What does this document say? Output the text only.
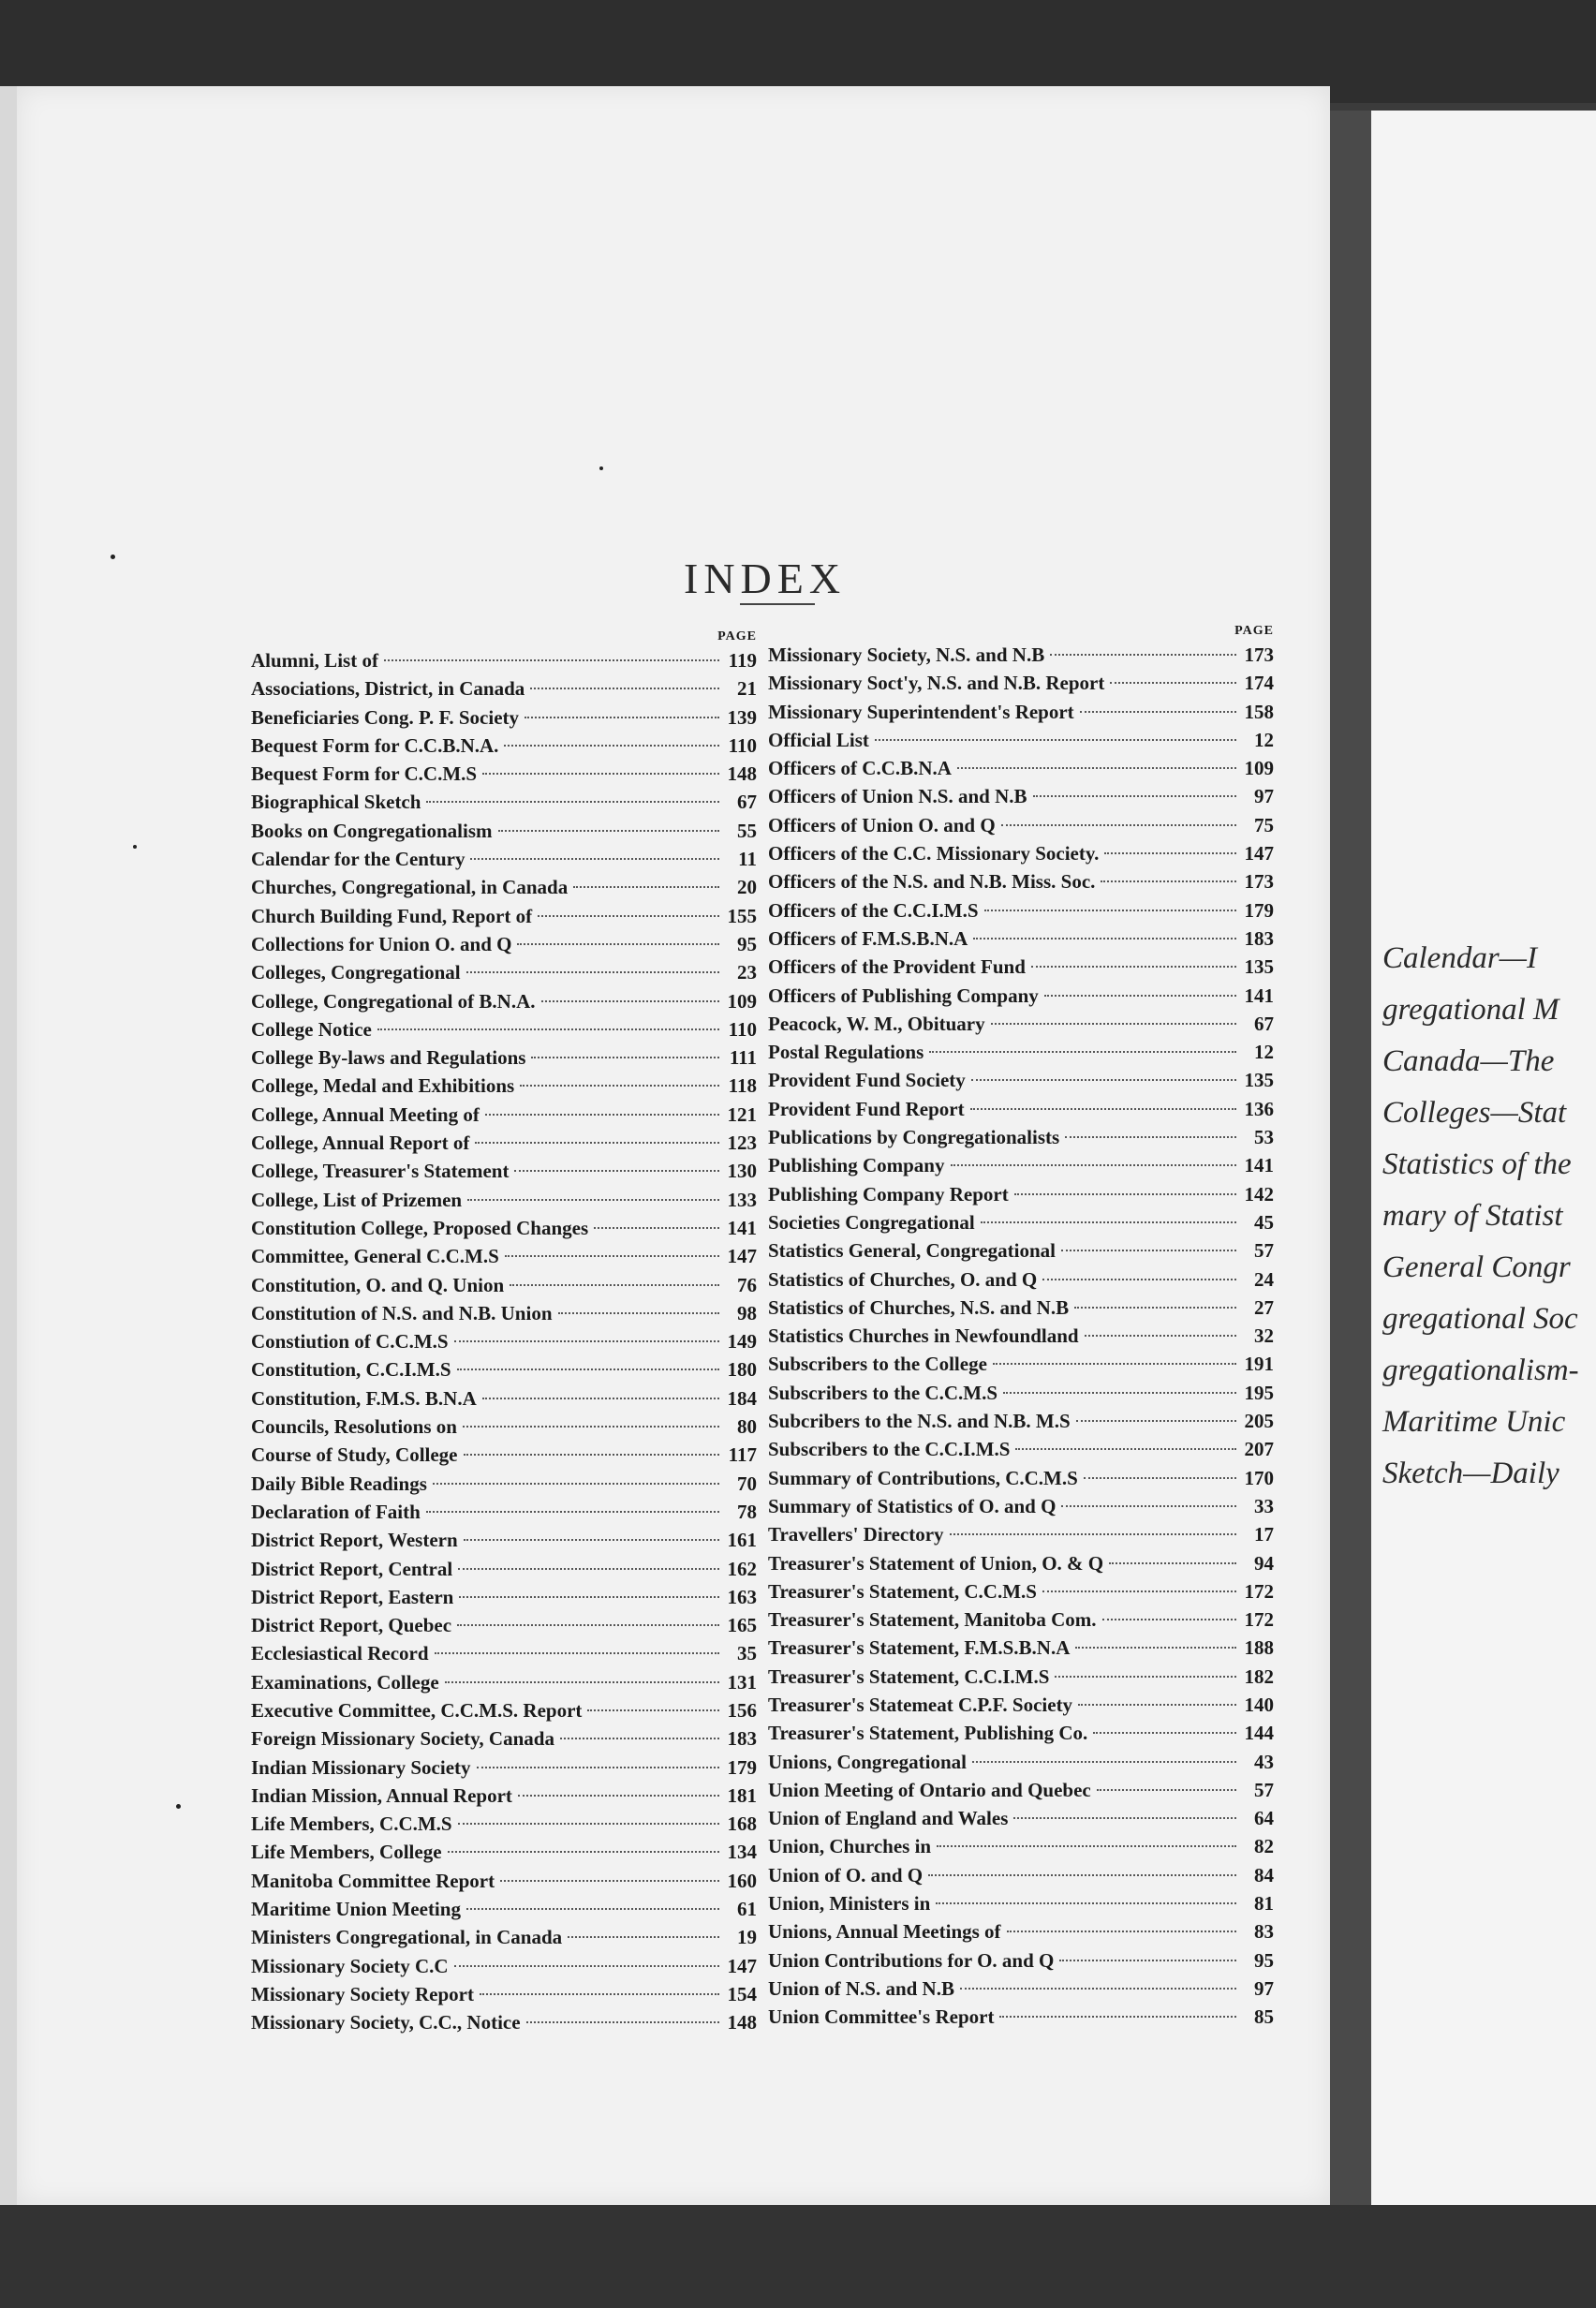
Calendar—I
gregational M
Canada—The
Colleges—Stat
Statistics of the
mary of Statist
General Congr
gregational Soc
gregationalism-
Maritime Unic
Sketch—Daily
INDEX
PAGE
Alumni, List of	119
Associations, District, in Canada	21
Beneficiaries Cong. P. F. Society	139
Bequest Form for C.C.B.N.A.	110
Bequest Form for C.C.M.S	148
Biographical Sketch	67
Books on Congregationalism	55
Calendar for the Century	11
Churches, Congregational, in Canada	20
Church Building Fund, Report of	155
Collections for Union O. and Q	95
Colleges, Congregational	23
College, Congregational of B.N.A.	109
College Notice	110
College By-laws and Regulations	111
College, Medal and Exhibitions	118
College, Annual Meeting of	121
College, Annual Report of	123
College, Treasurer's Statement	130
College, List of Prizemen	133
Constitution College, Proposed Changes	141
Committee, General C.C.M.S	147
Constitution, O. and Q. Union	76
Constitution of N.S. and N.B. Union	98
Constiution of C.C.M.S	149
Constitution, C.C.I.M.S	180
Constitution, F.M.S. B.N.A	184
Councils, Resolutions on	80
Course of Study, College	117
Daily Bible Readings	70
Declaration of Faith	78
District Report, Western	161
District Report, Central	162
District Report, Eastern	163
District Report, Quebec	165
Ecclesiastical Record	35
Examinations, College	131
Executive Committee, C.C.M.S. Report	156
Foreign Missionary Society, Canada	183
Indian Missionary Society	179
Indian Mission, Annual Report	181
Life Members, C.C.M.S	168
Life Members, College	134
Manitoba Committee Report	160
Maritime Union Meeting	61
Ministers Congregational, in Canada	19
Missionary Society C.C	147
Missionary Society Report	154
Missionary Society, C.C., Notice	148
PAGE
Missionary Society, N.S. and N.B	173
Missionary Soct'y, N.S. and N.B. Report	174
Missionary Superintendent's Report	158
Official List	12
Officers of C.C.B.N.A	109
Officers of Union N.S. and N.B	97
Officers of Union O. and Q	75
Officers of the C.C. Missionary Society.	147
Officers of the N.S. and N.B. Miss. Soc.	173
Officers of the C.C.I.M.S	179
Officers of F.M.S.B.N.A	183
Officers of the Provident Fund	135
Officers of Publishing Company	141
Peacock, W. M., Obituary	67
Postal Regulations	12
Provident Fund Society	135
Provident Fund Report	136
Publications by Congregationalists	53
Publishing Company	141
Publishing Company Report	142
Societies Congregational	45
Statistics General, Congregational	57
Statistics of Churches, O. and Q	24
Statistics of Churches, N.S. and N.B	27
Statistics Churches in Newfoundland	32
Subscribers to the College	191
Subscribers to the C.C.M.S	195
Subcribers to the N.S. and N.B. M.S	205
Subscribers to the C.C.I.M.S	207
Summary of Contributions, C.C.M.S	170
Summary of Statistics of O. and Q	33
Travellers' Directory	17
Treasurer's Statement of Union, O. & Q	94
Treasurer's Statement, C.C.M.S	172
Treasurer's Statement, Manitoba Com.	172
Treasurer's Statement, F.M.S.B.N.A	188
Treasurer's Statement, C.C.I.M.S	182
Treasurer's Statemeat C.P.F. Society	140
Treasurer's Statement, Publishing Co.	144
Unions, Congregational	43
Union Meeting of Ontario and Quebec	57
Union of England and Wales	64
Union, Churches in	82
Union of O. and Q	84
Union, Ministers in	81
Unions, Annual Meetings of	83
Union Contributions for O. and Q	95
Union of N.S. and N.B	97
Union Committee's Report	85
